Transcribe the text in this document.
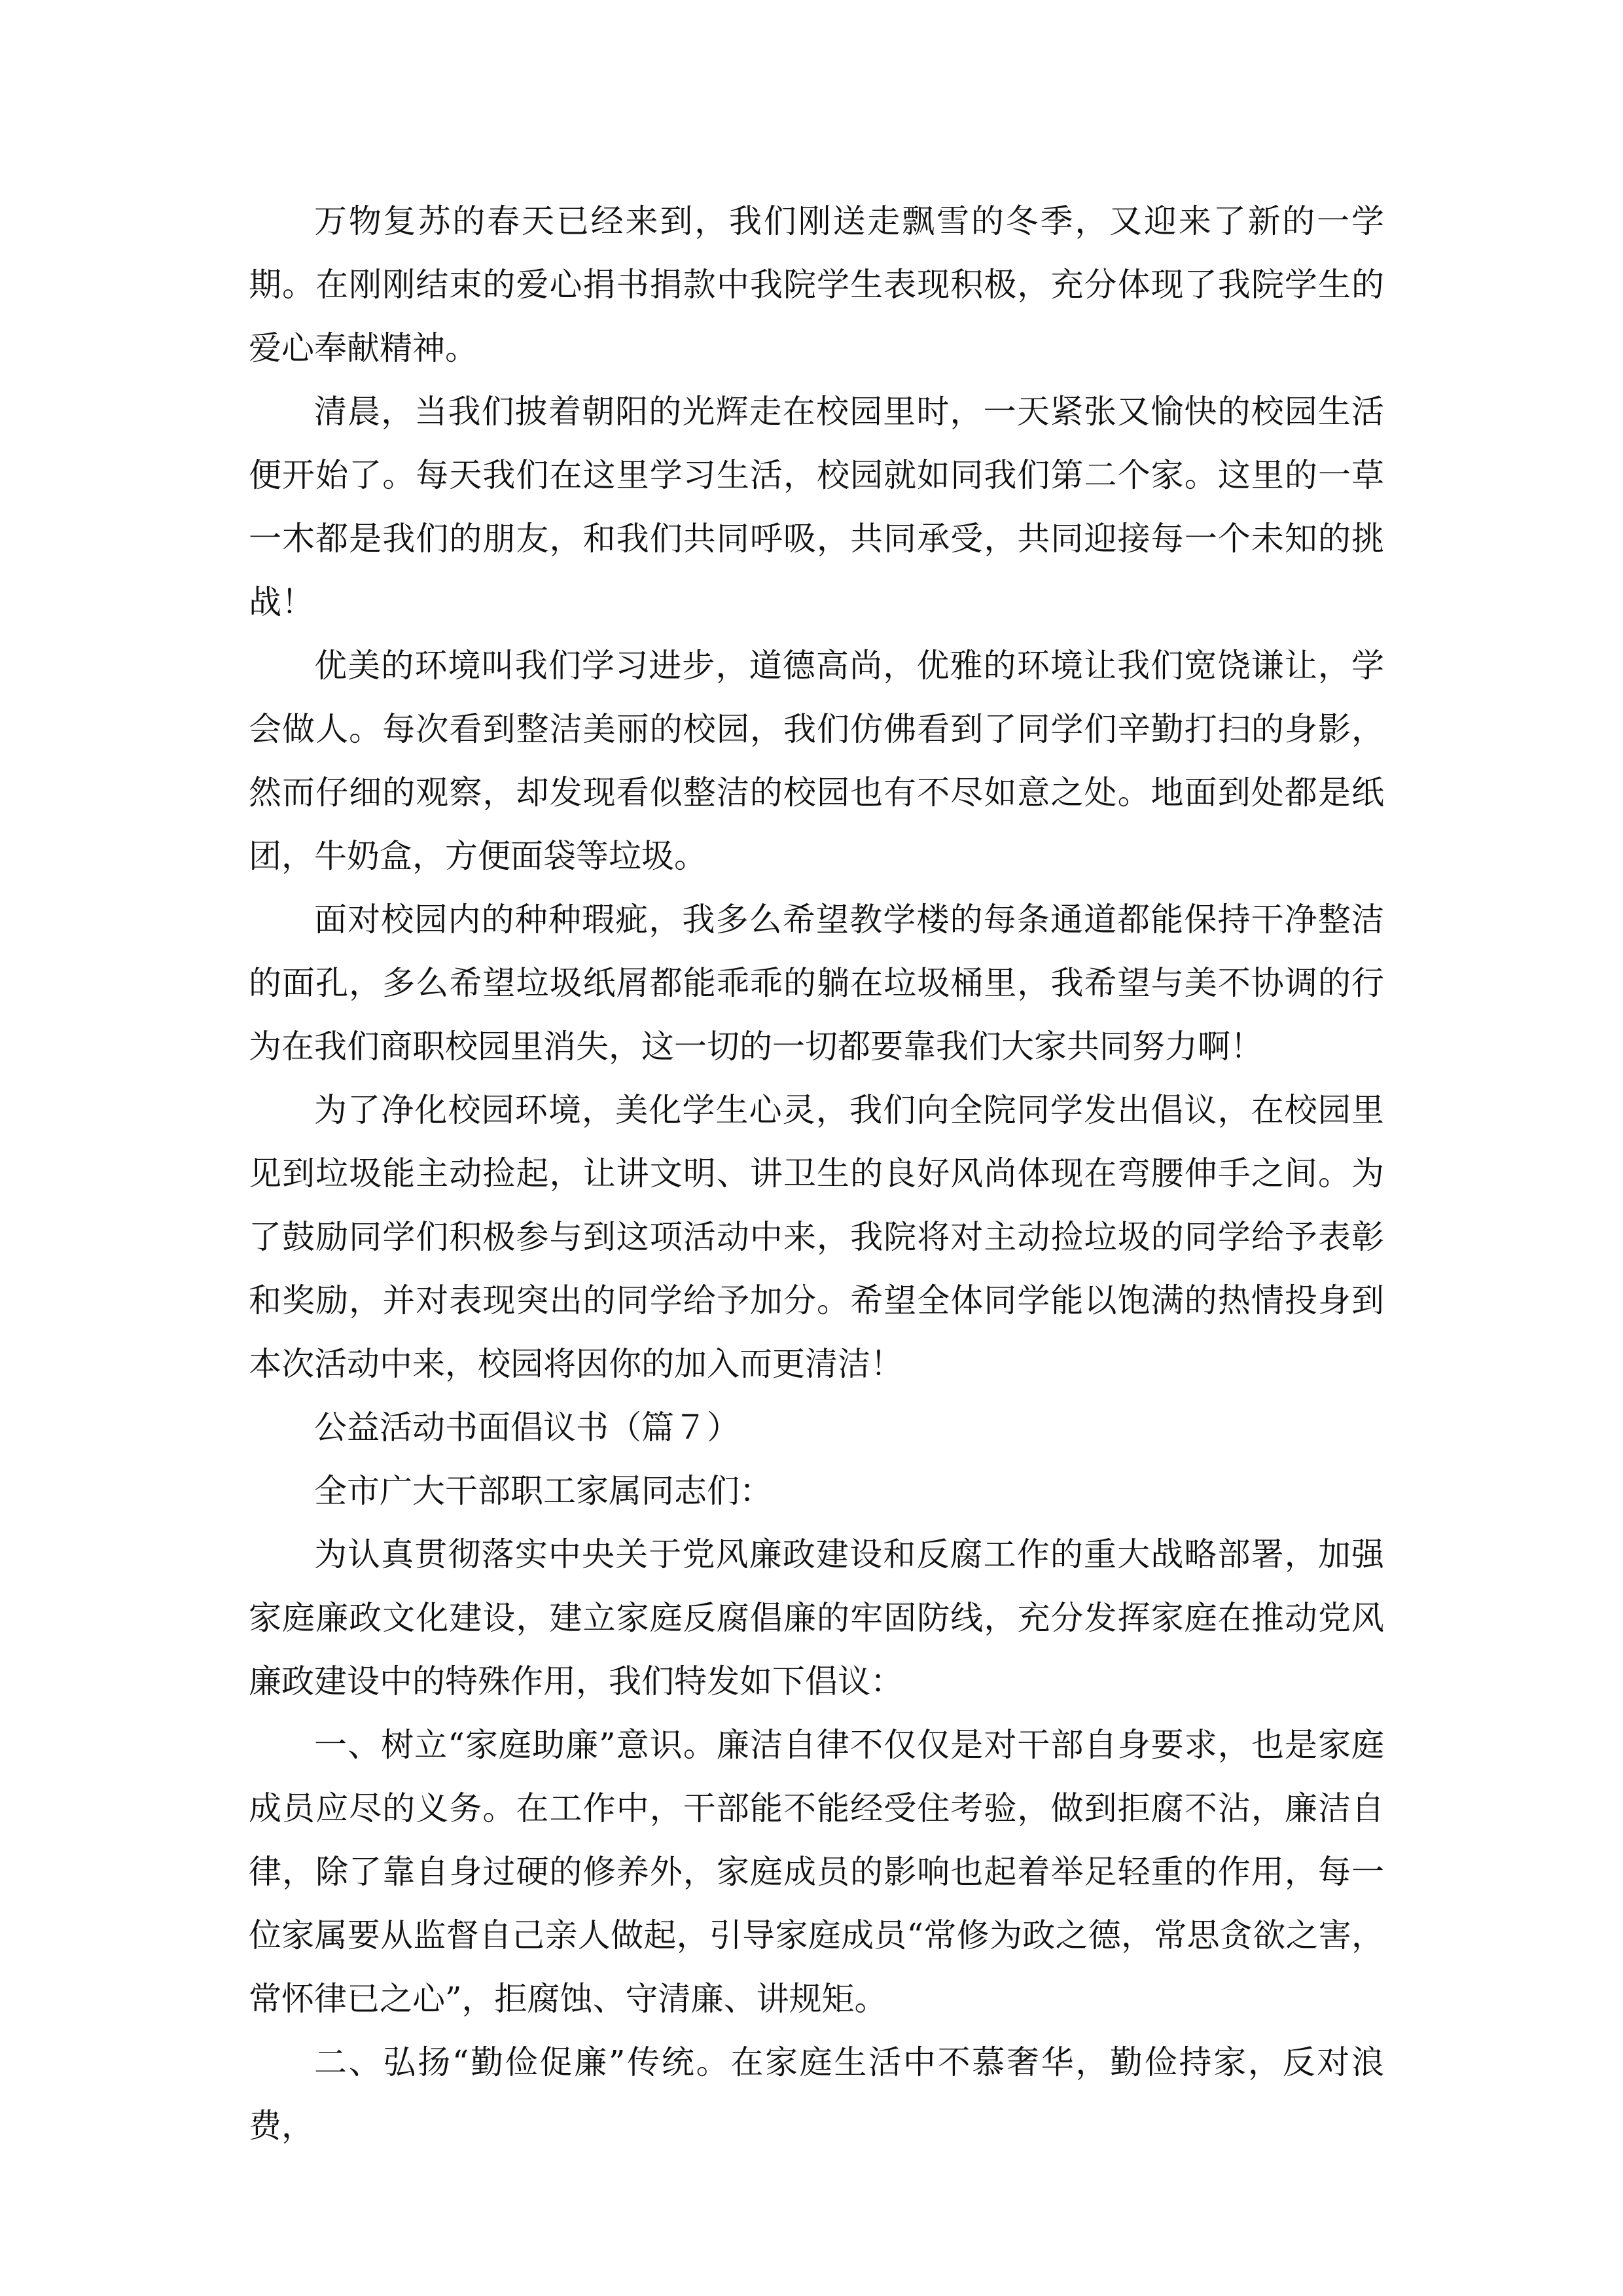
万物复苏的春天已经来到，我们刚送走飘雪的冬季，又迎来了新的一学期。在刚刚结束的爱心捐书捐款中我院学生表现积极，充分体现了我院学生的爱心奉献精神。

清晨，当我们披着朝阳的光辉走在校园里时，一天紧张又愉快的校园生活便开始了。每天我们在这里学习生活，校园就如同我们第二个家。这里的一草一木都是我们的朋友，和我们共同呼吸，共同承受，共同迎接每一个未知的挑战！

优美的环境叫我们学习进步，道德高尚，优雅的环境让我们宽饶谦让，学会做人。每次看到整洁美丽的校园，我们仿佛看到了同学们辛勤打扫的身影，然而仔细的观察，却发现看似整洁的校园也有不尽如意之处。地面到处都是纸团，牛奶盒，方便面袋等垃圾。

面对校园内的种种瑕疵，我多么希望教学楼的每条通道都能保持干净整洁的面孔，多么希望垃圾纸屑都能乖乖的躺在垃圾桶里，我希望与美不协调的行为在我们商职校园里消失，这一切的一切都要靠我们大家共同努力啊！

为了净化校园环境，美化学生心灵，我们向全院同学发出倡议，在校园里见到垃圾能主动捡起，让讲文明、讲卫生的良好风尚体现在弯腰伸手之间。为了鼓励同学们积极参与到这项活动中来，我院将对主动捡垃圾的同学给予表彰和奖励，并对表现突出的同学给予加分。希望全体同学能以饱满的热情投身到本次活动中来，校园将因你的加入而更清洁！

公益活动书面倡议书（篇７）

全市广大干部职工家属同志们：

为认真贯彻落实中央关于党风廉政建设和反腐工作的重大战略部署，加强家庭廉政文化建设，建立家庭反腐倡廉的牢固防线，充分发挥家庭在推动党风廉政建设中的特殊作用，我们特发如下倡议：

一、树立“家庭助廉”意识。廉洁自律不仅仅是对干部自身要求，也是家庭成员应尽的义务。在工作中，干部能不能经受住考验，做到拒腐不沾，廉洁自律，除了靠自身过硬的修养外，家庭成员的影响也起着举足轻重的作用，每一位家属要从监督自己亲人做起，引导家庭成员“常修为政之德，常思贪欲之害，常怀律已之心”，拒腐蚀、守清廉、讲规矩。

二、弘扬“勤俭促廉”传统。在家庭生活中不慕奢华，勤俭持家，反对浪费，
